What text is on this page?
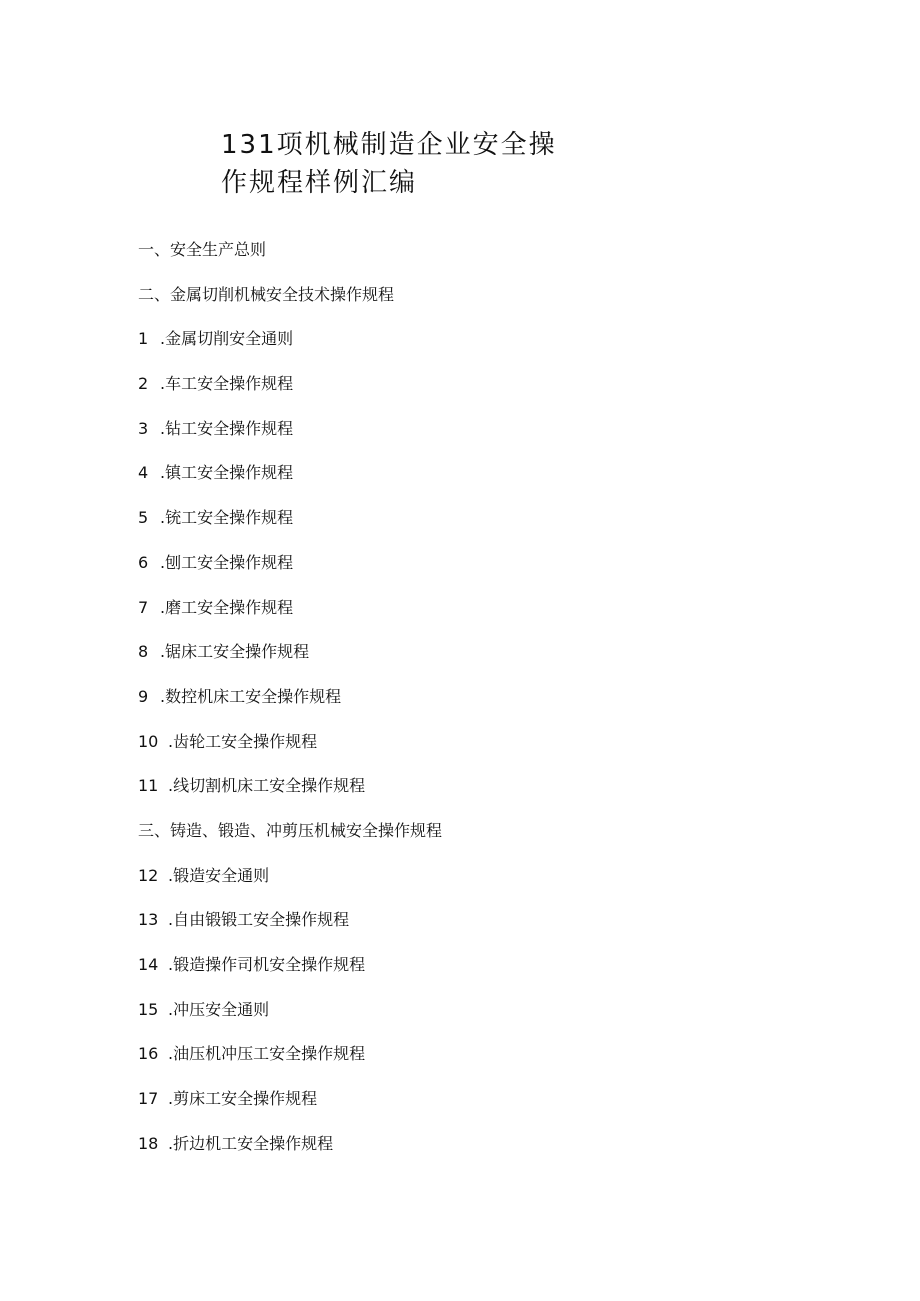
131项机械制造企业安全操
作规程样例汇编
一、安全生产总则
二、金属切削机械安全技术操作规程
1 .金属切削安全通则
2 .车工安全操作规程
3 .钻工安全操作规程
4 .镇工安全操作规程
5 .铳工安全操作规程
6 .刨工安全操作规程
7 .磨工安全操作规程
8 .锯床工安全操作规程
9 .数控机床工安全操作规程
10 .齿轮工安全操作规程
11 .线切割机床工安全操作规程
三、铸造、锻造、冲剪压机械安全操作规程
12 .锻造安全通则
13 .自由锻锻工安全操作规程
14 .锻造操作司机安全操作规程
15 .冲压安全通则
16 .油压机冲压工安全操作规程
17 .剪床工安全操作规程
18 .折边机工安全操作规程
